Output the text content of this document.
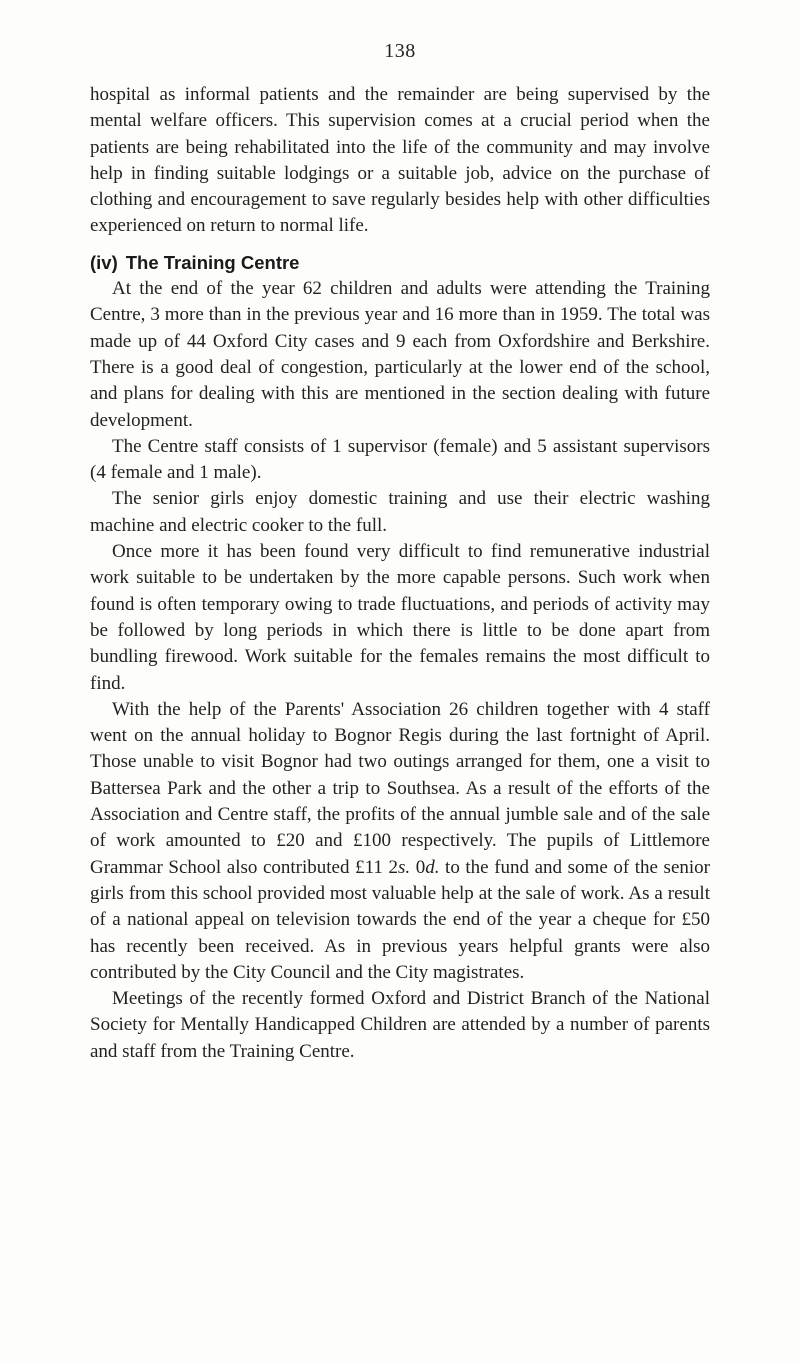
138

hospital as informal patients and the remainder are being supervised by the mental welfare officers. This supervision comes at a crucial period when the patients are being rehabilitated into the life of the community and may involve help in finding suitable lodgings or a suitable job, advice on the purchase of clothing and encouragement to save regularly besides help with other difficulties experienced on return to normal life.

(iv) The Training Centre

At the end of the year 62 children and adults were attending the Training Centre, 3 more than in the previous year and 16 more than in 1959. The total was made up of 44 Oxford City cases and 9 each from Oxfordshire and Berkshire. There is a good deal of congestion, particularly at the lower end of the school, and plans for dealing with this are mentioned in the section dealing with future development.

The Centre staff consists of 1 supervisor (female) and 5 assistant supervisors (4 female and 1 male).

The senior girls enjoy domestic training and use their electric washing machine and electric cooker to the full.

Once more it has been found very difficult to find remunerative industrial work suitable to be undertaken by the more capable persons. Such work when found is often temporary owing to trade fluctuations, and periods of activity may be followed by long periods in which there is little to be done apart from bundling firewood. Work suitable for the females remains the most difficult to find.

With the help of the Parents' Association 26 children together with 4 staff went on the annual holiday to Bognor Regis during the last fortnight of April. Those unable to visit Bognor had two outings arranged for them, one a visit to Battersea Park and the other a trip to Southsea. As a result of the efforts of the Association and Centre staff, the profits of the annual jumble sale and of the sale of work amounted to £20 and £100 respectively. The pupils of Littlemore Grammar School also contributed £11 2s. 0d. to the fund and some of the senior girls from this school provided most valuable help at the sale of work. As a result of a national appeal on television towards the end of the year a cheque for £50 has recently been received. As in previous years helpful grants were also contributed by the City Council and the City magistrates.

Meetings of the recently formed Oxford and District Branch of the National Society for Mentally Handicapped Children are attended by a number of parents and staff from the Training Centre.
